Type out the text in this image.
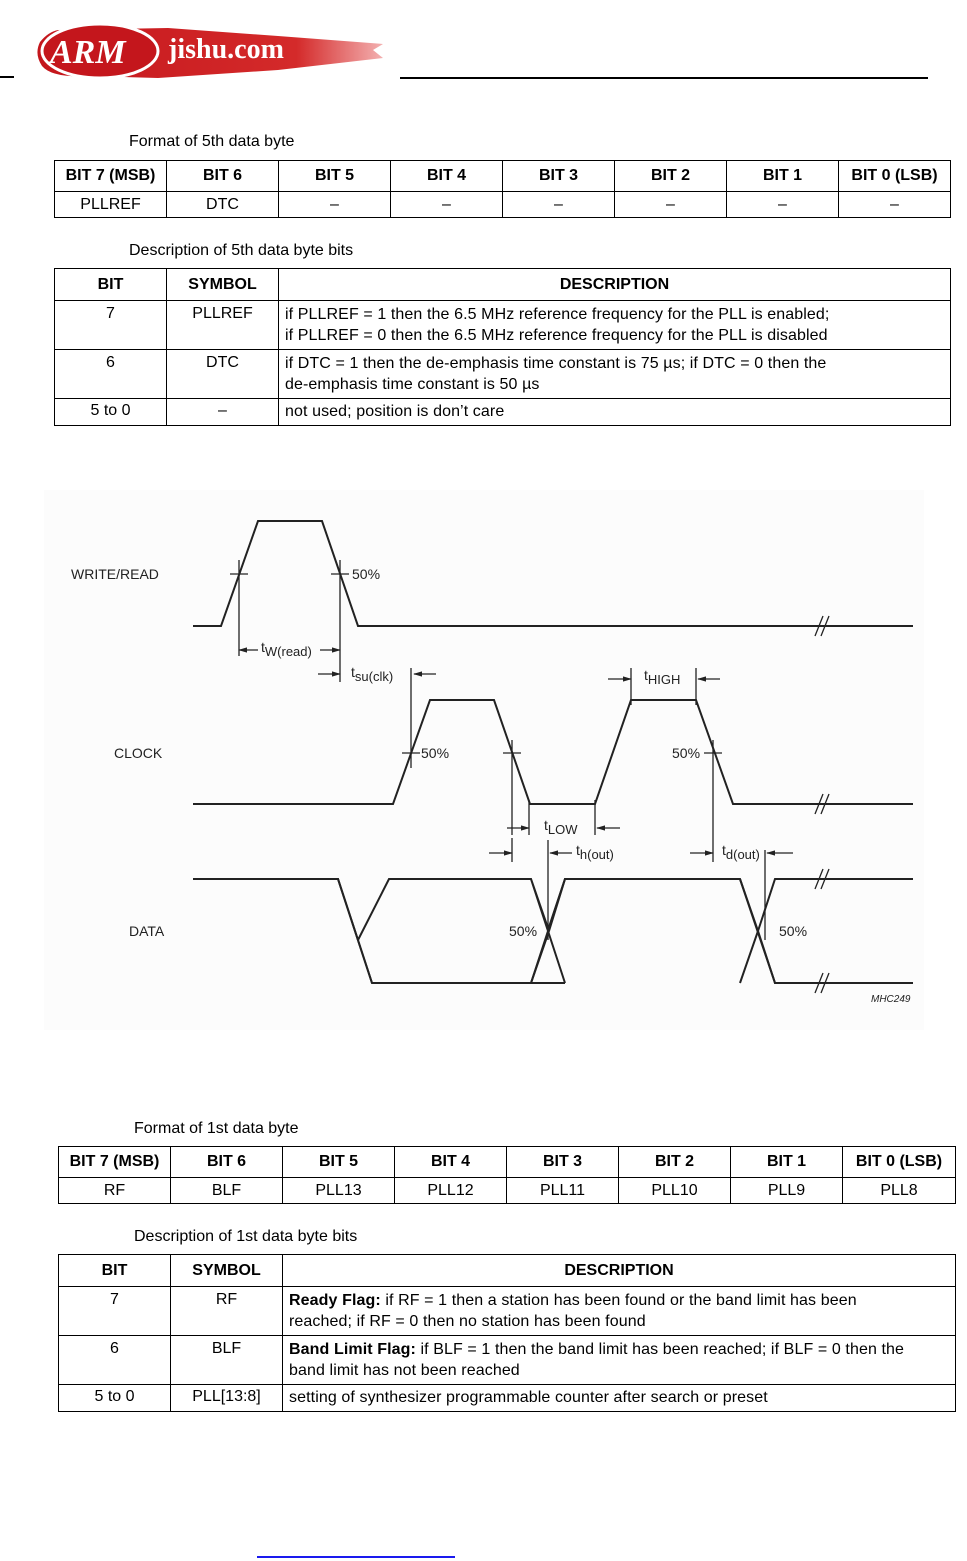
ARM jishu.com
Format of 5th data byte
BIT 7 (MSB)	BIT 6	BIT 5	BIT 4	BIT 3	BIT 2	BIT 1	BIT 0 (LSB)
PLLREF	DTC	–	–	–	–	–	–
Description of 5th data byte bits
BIT	SYMBOL	DESCRIPTION
7	PLLREF	if PLLREF = 1 then the 6.5 MHz reference frequency for the PLL is enabled;
if PLLREF = 0 then the 6.5 MHz reference frequency for the PLL is disabled
6	DTC	if DTC = 1 then the de-emphasis time constant is 75 µs; if DTC = 0 then the
de-emphasis time constant is 50 µs
5 to 0	–	not used; position is don’t care
WRITE/READ
CLOCK
DATA
50%
50%	50%
50%	50%
tW(read)
tsu(clk)	tHIGH
tLOW
th(out)	td(out)
MHC249
Format of 1st data byte
BIT 7 (MSB)	BIT 6	BIT 5	BIT 4	BIT 3	BIT 2	BIT 1	BIT 0 (LSB)
RF	BLF	PLL13	PLL12	PLL11	PLL10	PLL9	PLL8
Description of 1st data byte bits
BIT	SYMBOL	DESCRIPTION
7	RF	Ready Flag: if RF = 1 then a station has been found or the band limit has been
reached; if RF = 0 then no station has been found
6	BLF	Band Limit Flag: if BLF = 1 then the band limit has been reached; if BLF = 0 then the
band limit has not been reached
5 to 0	PLL[13:8]	setting of synthesizer programmable counter after search or preset
